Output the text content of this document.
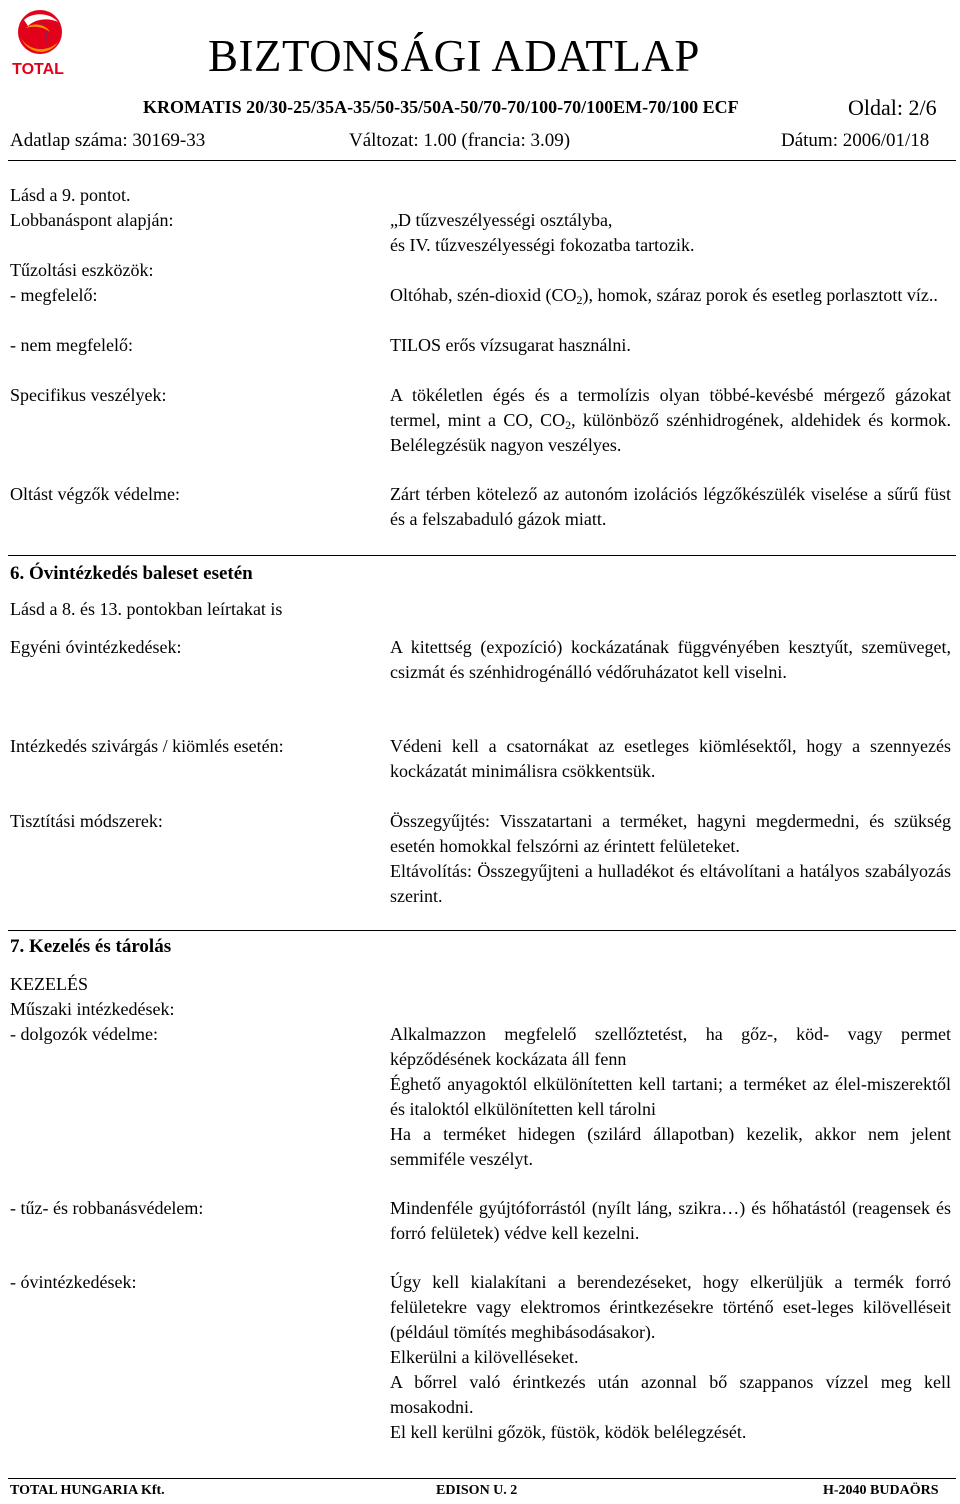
TOTAL	BIZTONSÁGI ADATLAP
KROMATIS 20/30-25/35A-35/50-35/50A-50/70-70/100-70/100EM-70/100 ECF	Oldal: 2/6
Adatlap száma: 30169-33	Változat: 1.00 (francia: 3.09)	Dátum: 2006/01/18
Lásd a 9. pontot.
Lobbanáspont alapján:	„D tűzveszélyességi osztályba,
és IV. tűzveszélyességi fokozatba tartozik.
Tűzoltási eszközök:
- megfelelő:	Oltóhab, szén-dioxid $(CO_2)$, homok, száraz porok és esetleg porlasztott víz..
- nem megfelelő:	TILOS erős vízsugarat használni.
Specifikus veszélyek:	A tökéletlen égés és a termolízis olyan többé-kevésbé mérgező gázokat termel, mint a CO, $CO_2$, különböző szénhidrogének, aldehidek és kormok. Belélegzésük nagyon veszélyes.
Oltást végzők védelme:	Zárt térben kötelező az autonóm izolációs légzőkészülék viselése a sűrű füst és a felszabaduló gázok miatt.
6. Óvintézkedés baleset esetén
Lásd a 8. és 13. pontokban leírtakat is
Egyéni óvintézkedések:	A kitettség (expozíció) kockázatának függvényében kesztyűt, szemüveget, csizmát és szénhidrogénálló védőruházatot kell viselni.
Intézkedés szivárgás / kiömlés esetén:	Védeni kell a csatornákat az esetleges kiömlésektől, hogy a szennyezés kockázatát minimálisra csökkentsük.
Tisztítási módszerek:	Összegyűjtés: Visszatartani a terméket, hagyni megdermedni, és szükség esetén homokkal felszórni az érintett felületeket.
Eltávolítás: Összegyűjteni a hulladékot és eltávolítani a hatályos szabályozás szerint.
7. Kezelés és tárolás
KEZELÉS
Műszaki intézkedések:
- dolgozók védelme:	Alkalmazzon megfelelő szellőztetést, ha gőz-, köd- vagy permet képződésének kockázata áll fenn
Éghető anyagoktól elkülönítetten kell tartani; a terméket az élel-miszerektől és italoktól elkülönítetten kell tárolni
Ha a terméket hidegen (szilárd állapotban) kezelik, akkor nem jelent semmiféle veszélyt.
- tűz- és robbanásvédelem:	Mindenféle gyújtóforrástól (nyílt láng, szikra…) és hőhatástól (reagensek és forró felületek) védve kell kezelni.
- óvintézkedések:	Úgy kell kialakítani a berendezéseket, hogy elkerüljük a termék forró felületekre vagy elektromos érintkezésekre történő eset-leges kilövelléseit (például tömítés meghibásodásakor).
Elkerülni a kilövelléseket.
A bőrrel való érintkezés után azonnal bő szappanos vízzel meg kell mosakodni.
El kell kerülni gőzök, füstök, ködök belélegzését.
TOTAL HUNGARIA Kft.	EDISON U. 2	H-2040 BUDAÖRS
